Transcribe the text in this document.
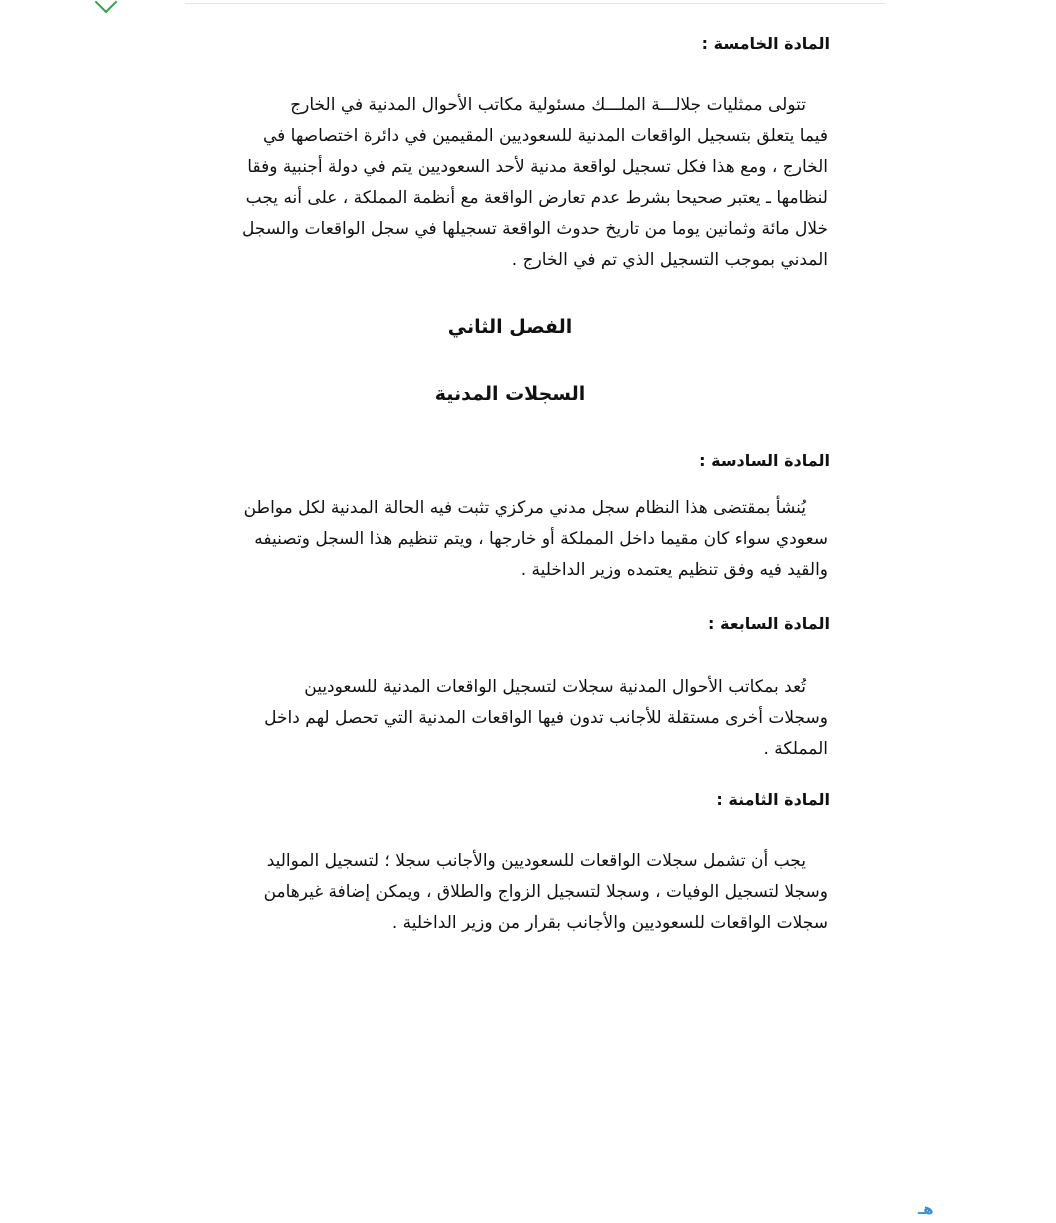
المادة الخامسة :
تتولى ممثليات جلالـــة الملـــك مسئولية مكاتب الأحوال المدنية في الخارج
فيما يتعلق بتسجيل الواقعات المدنية للسعوديين المقيمين في دائرة اختصاصها في
الخارج ، ومع هذا فكل تسجيل لواقعة مدنية لأحد السعوديين يتم في دولة أجنبية وفقا
لنظامها ـ يعتبر صحيحا بشرط عدم تعارض الواقعة مع أنظمة المملكة ، على أنه يجب
خلال مائة وثمانين يوما من تاريخ حدوث الواقعة تسجيلها في سجل الواقعات والسجل
المدني بموجب التسجيل الذي تم في الخارج .
الفصل الثاني
السجلات المدنية
المادة السادسة :
يُنشأ بمقتضى هذا النظام سجل مدني مركزي تثبت فيه الحالة المدنية لكل مواطن
سعودي سواء كان مقيما داخل المملكة أو خارجها ، ويتم تنظيم هذا السجل وتصنيفه
والقيد فيه وفق تنظيم يعتمده وزير الداخلية .
المادة السابعة :
تُعد بمكاتب الأحوال المدنية سجلات لتسجيل الواقعات المدنية للسعوديين
وسجلات أخرى مستقلة للأجانب تدون فيها الواقعات المدنية التي تحصل لهم داخل
المملكة .
المادة الثامنة :
يجب أن تشمل سجلات الواقعات للسعوديين والأجانب سجلا ؛ لتسجيل المواليد
وسجلا لتسجيل الوفيات ، وسجلا لتسجيل الزواج والطلاق ، ويمكن إضافة غيرهامن
سجلات الواقعات للسعوديين والأجانب بقرار من وزير الداخلية .
هـ
